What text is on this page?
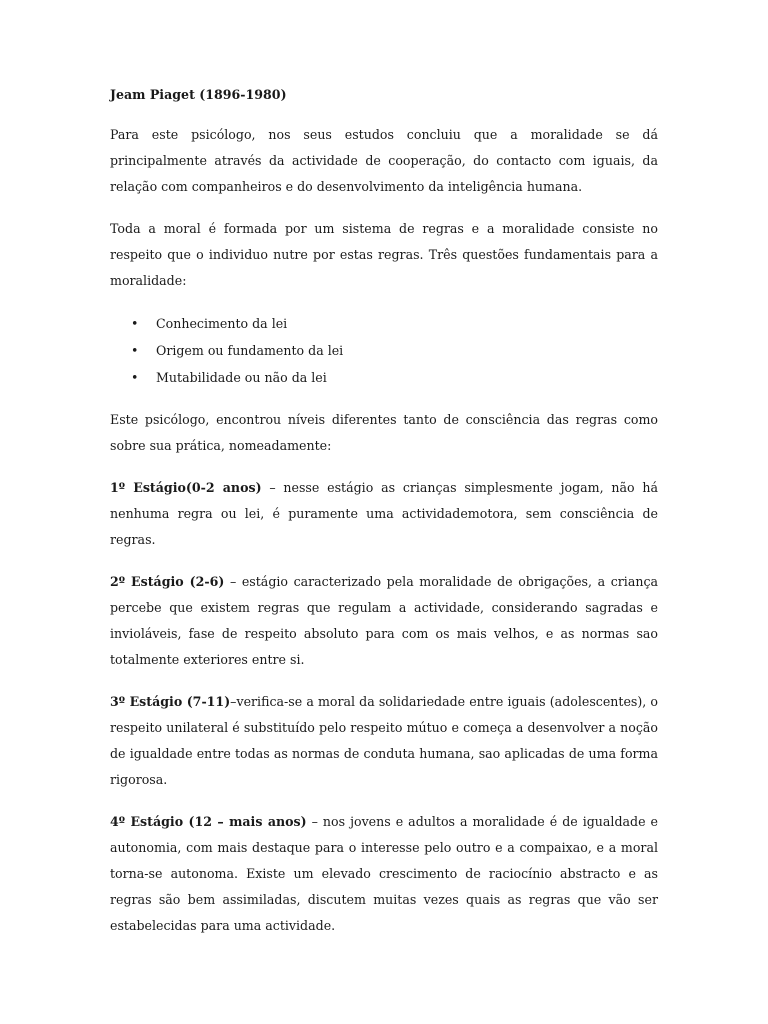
Jeam Piaget (1896-1980)

Para este psicólogo, nos seus estudos concluiu que a moralidade se dá principalmente através da actividade de cooperação, do contacto com iguais, da relação com companheiros e do desenvolvimento da inteligência humana.

Toda a moral é formada por um sistema de regras e a moralidade consiste no respeito que o individuo nutre por estas regras. Três questões fundamentais para a moralidade:

• Conhecimento da lei
• Origem ou fundamento da lei
• Mutabilidade ou não da lei

Este psicólogo, encontrou níveis diferentes tanto de consciência das regras como sobre sua prática, nomeadamente:

1º Estágio(0-2 anos) – nesse estágio as crianças simplesmente jogam, não há nenhuma regra ou lei, é puramente uma actividademotora, sem consciência de regras.

2º Estágio (2-6) – estágio caracterizado pela moralidade de obrigações, a criança percebe que existem regras que regulam a actividade, considerando sagradas e invioláveis, fase de respeito absoluto para com os mais velhos, e as normas sao totalmente exteriores entre si.

3º Estágio (7-11)–verifica-se a moral da solidariedade entre iguais (adolescentes), o respeito unilateral é substituído pelo respeito mútuo e começa a desenvolver a noção de igualdade entre todas as normas de conduta humana, sao aplicadas de uma forma rigorosa.

4º Estágio (12 – mais anos) – nos jovens e adultos a moralidade é de igualdade e autonomia, com mais destaque para o interesse pelo outro e a compaixao, e a moral torna-se autonoma. Existe um elevado crescimento de raciocínio abstracto e as regras são bem assimiladas, discutem muitas vezes quais as regras que vão ser estabelecidas para uma actividade.
